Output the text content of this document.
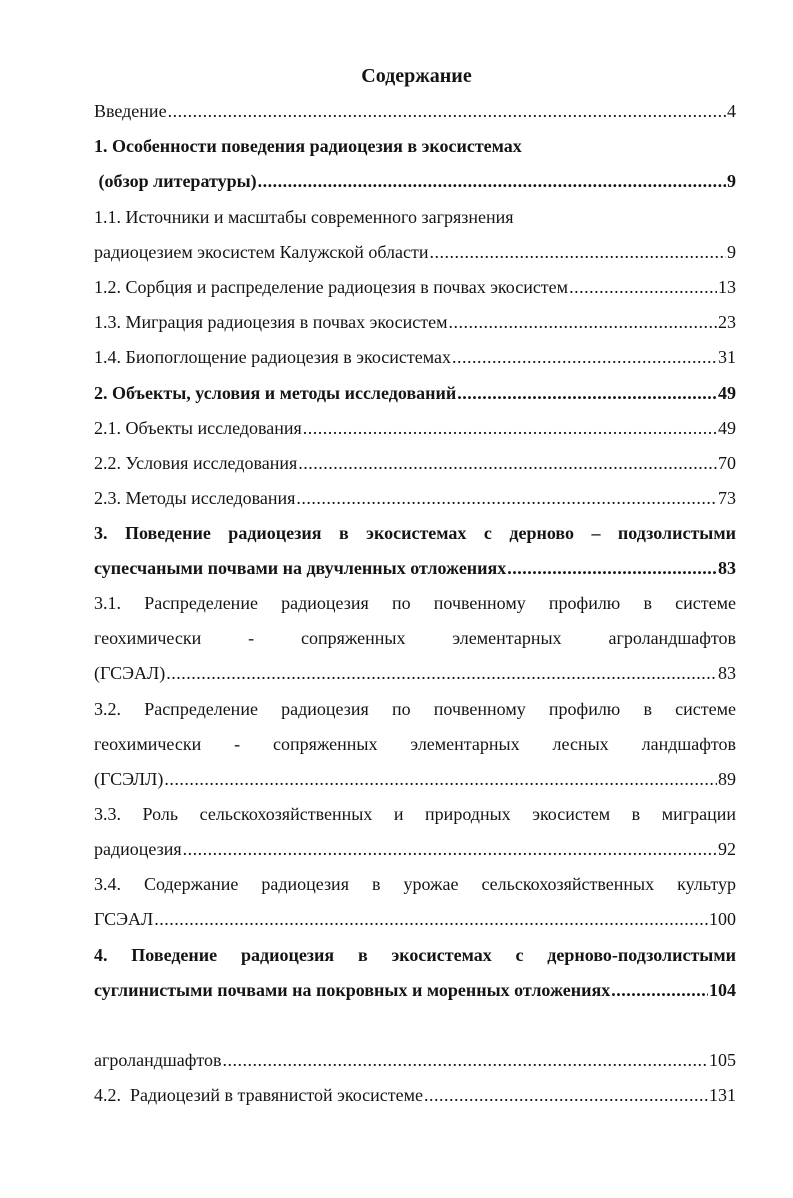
Содержание
Введение .....	4
1. Особенности поведения радиоцезия в экосистемах
(обзор литературы) .....	9
1.1. Источники и масштабы современного загрязнения
радиоцезием экосистем Калужской области .....	9
1.2. Сорбция и распределение радиоцезия в почвах экосистем .....	13
1.3. Миграция радиоцезия в почвах экосистем .....	23
1.4. Биопоглощение радиоцезия в экосистемах .....	31
2. Объекты, условия и методы исследований .....	49
2.1. Объекты исследования .....	49
2.2. Условия исследования .....	70
2.3. Методы исследования .....	73
3. Поведение радиоцезия в экосистемах с дерново – подзолистыми
супесчаными почвами на двучленных отложениях .....	83
3.1. Распределение радиоцезия по почвенному профилю в системе
геохимически - сопряженных элементарных агроландшафтов
(ГСЭАЛ) .....	83
3.2. Распределение радиоцезия по почвенному профилю в системе
геохимически - сопряженных элементарных лесных ландшафтов
(ГСЭЛЛ) .....	89
3.3. Роль сельскохозяйственных и природных экосистем в миграции
радиоцезия .....	92
3.4. Содержание радиоцезия в урожае сельскохозяйственных культур
ГСЭАЛ .....	100
4. Поведение радиоцезия в экосистемах с дерново-подзолистыми
суглинистыми почвами на покровных и моренных отложениях .....	104

агроландшафтов .....	105
4.2.  Радиоцезий в травянистой экосистеме .....	131
